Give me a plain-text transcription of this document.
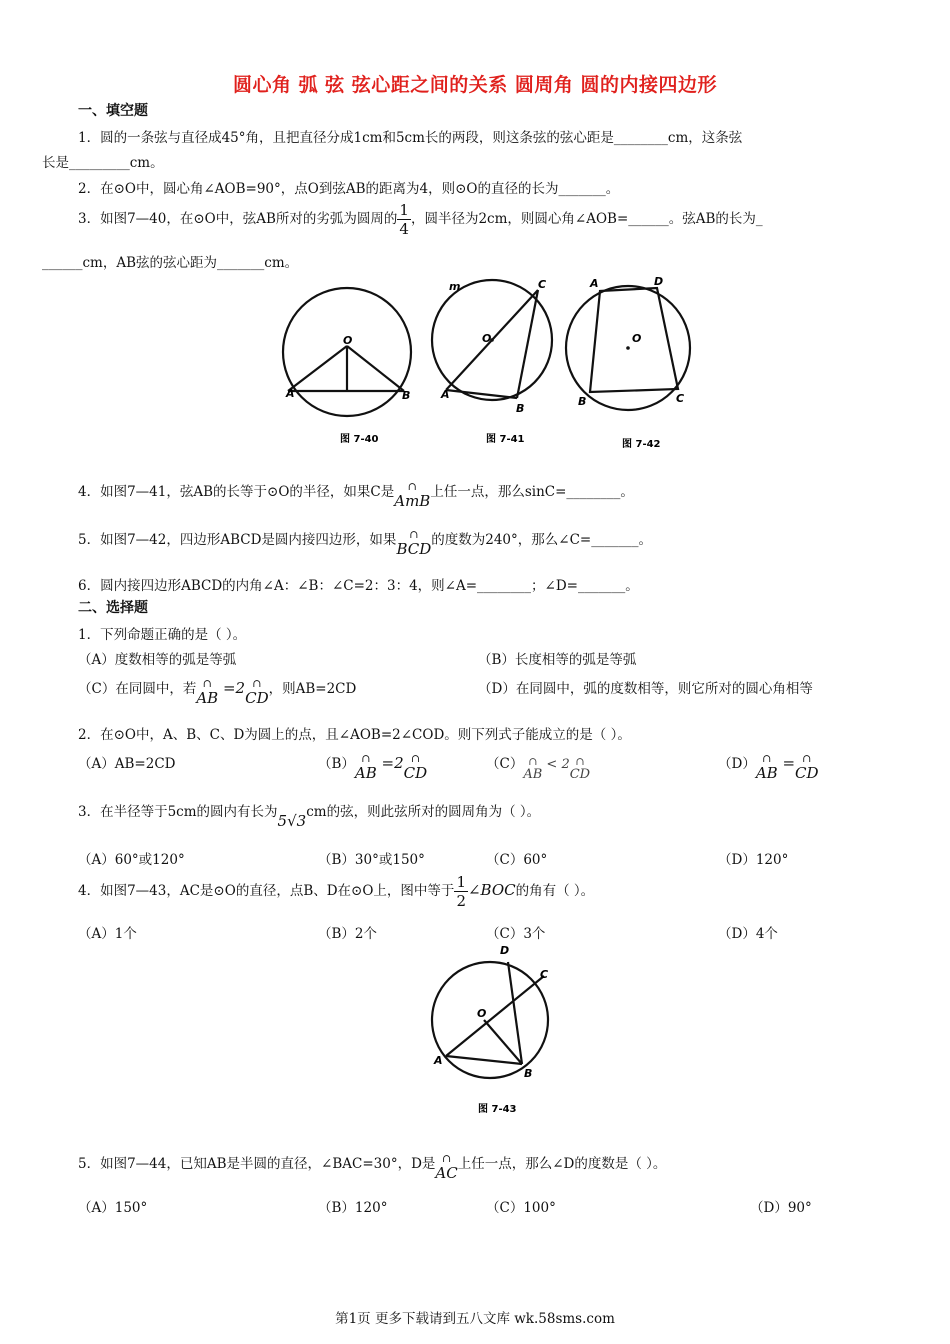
圆心角 弧 弦 弦心距之间的关系 圆周角 圆的内接四边形
一、填空题
1．圆的一条弦与直径成45°角，且把直径分成1cm和5cm长的两段，则这条弦的弦心距是________cm，这条弦
长是_________cm。
2．在⊙O中，圆心角∠AOB=90°，点O到弦AB的距离为4，则⊙O的直径的长为_______。
3．如图7—40，在⊙O中，弦AB所对的劣弧为圆周的 $\frac{1}{4}$ ，圆半径为2cm，则圆心角∠AOB=______。弦AB的长为_
______cm，AB弦的弦心距为_______cm。
O
A	B
图 7-40
O
m	C
A
B
图 7-41
O
A	D
B	C
图 7-42
4．如图7—41，弦AB的长等于⊙O的半径，如果C是 ∩
AmB上任一点，那么sinC=________。
5．如图7—42，四边形ABCD是圆内接四边形，如果 ∩
BCD的度数为240°，那么∠C=_______。
6．圆内接四边形ABCD的内角∠A：∠B：∠C=2：3：4，则∠A=________；∠D=_______。
二、选择题
1．下列命题正确的是（ ）。
（A）度数相等的弧是等弧	（B）长度相等的弧是等弧
（C）在同圆中，若 ∩
AB =2 ∩
CD，则AB=2CD	（D）在同圆中，弧的度数相等，则它所对的圆心角相等
2．在⊙O中，A、B、C、D为圆上的点，且∠AOB=2∠COD。则下列式子能成立的是（ ）。
（A）AB=2CD	（B） ∩
AB =2 ∩
CD	（C） ∩
AB < 2 ∩
CD
（D） ∩
AB = ∩
CD
3．在半径等于5cm的圆内有长为5√3cm的弦，则此弦所对的圆周角为（ ）。
（A）60°或120°	（B）30°或150°	（C）60°	（D）120°
4．如图7—43，AC是⊙O的直径，点B、D在⊙O上，图中等于 $\frac{1}{2}$ ∠BOC的角有（ ）。
（A）1个	（B）2个	（C）3个	（D）4个
O
D
C
A
B
图 7-43
5．如图7—44，已知AB是半圆的直径，∠BAC=30°，D是 ∩
AC上任一点，那么∠D的度数是（ ）。
（A）150°	（B）120°	（C）100°	（D）90°
第1页 更多下载请到五八文库 wk.58sms.com
